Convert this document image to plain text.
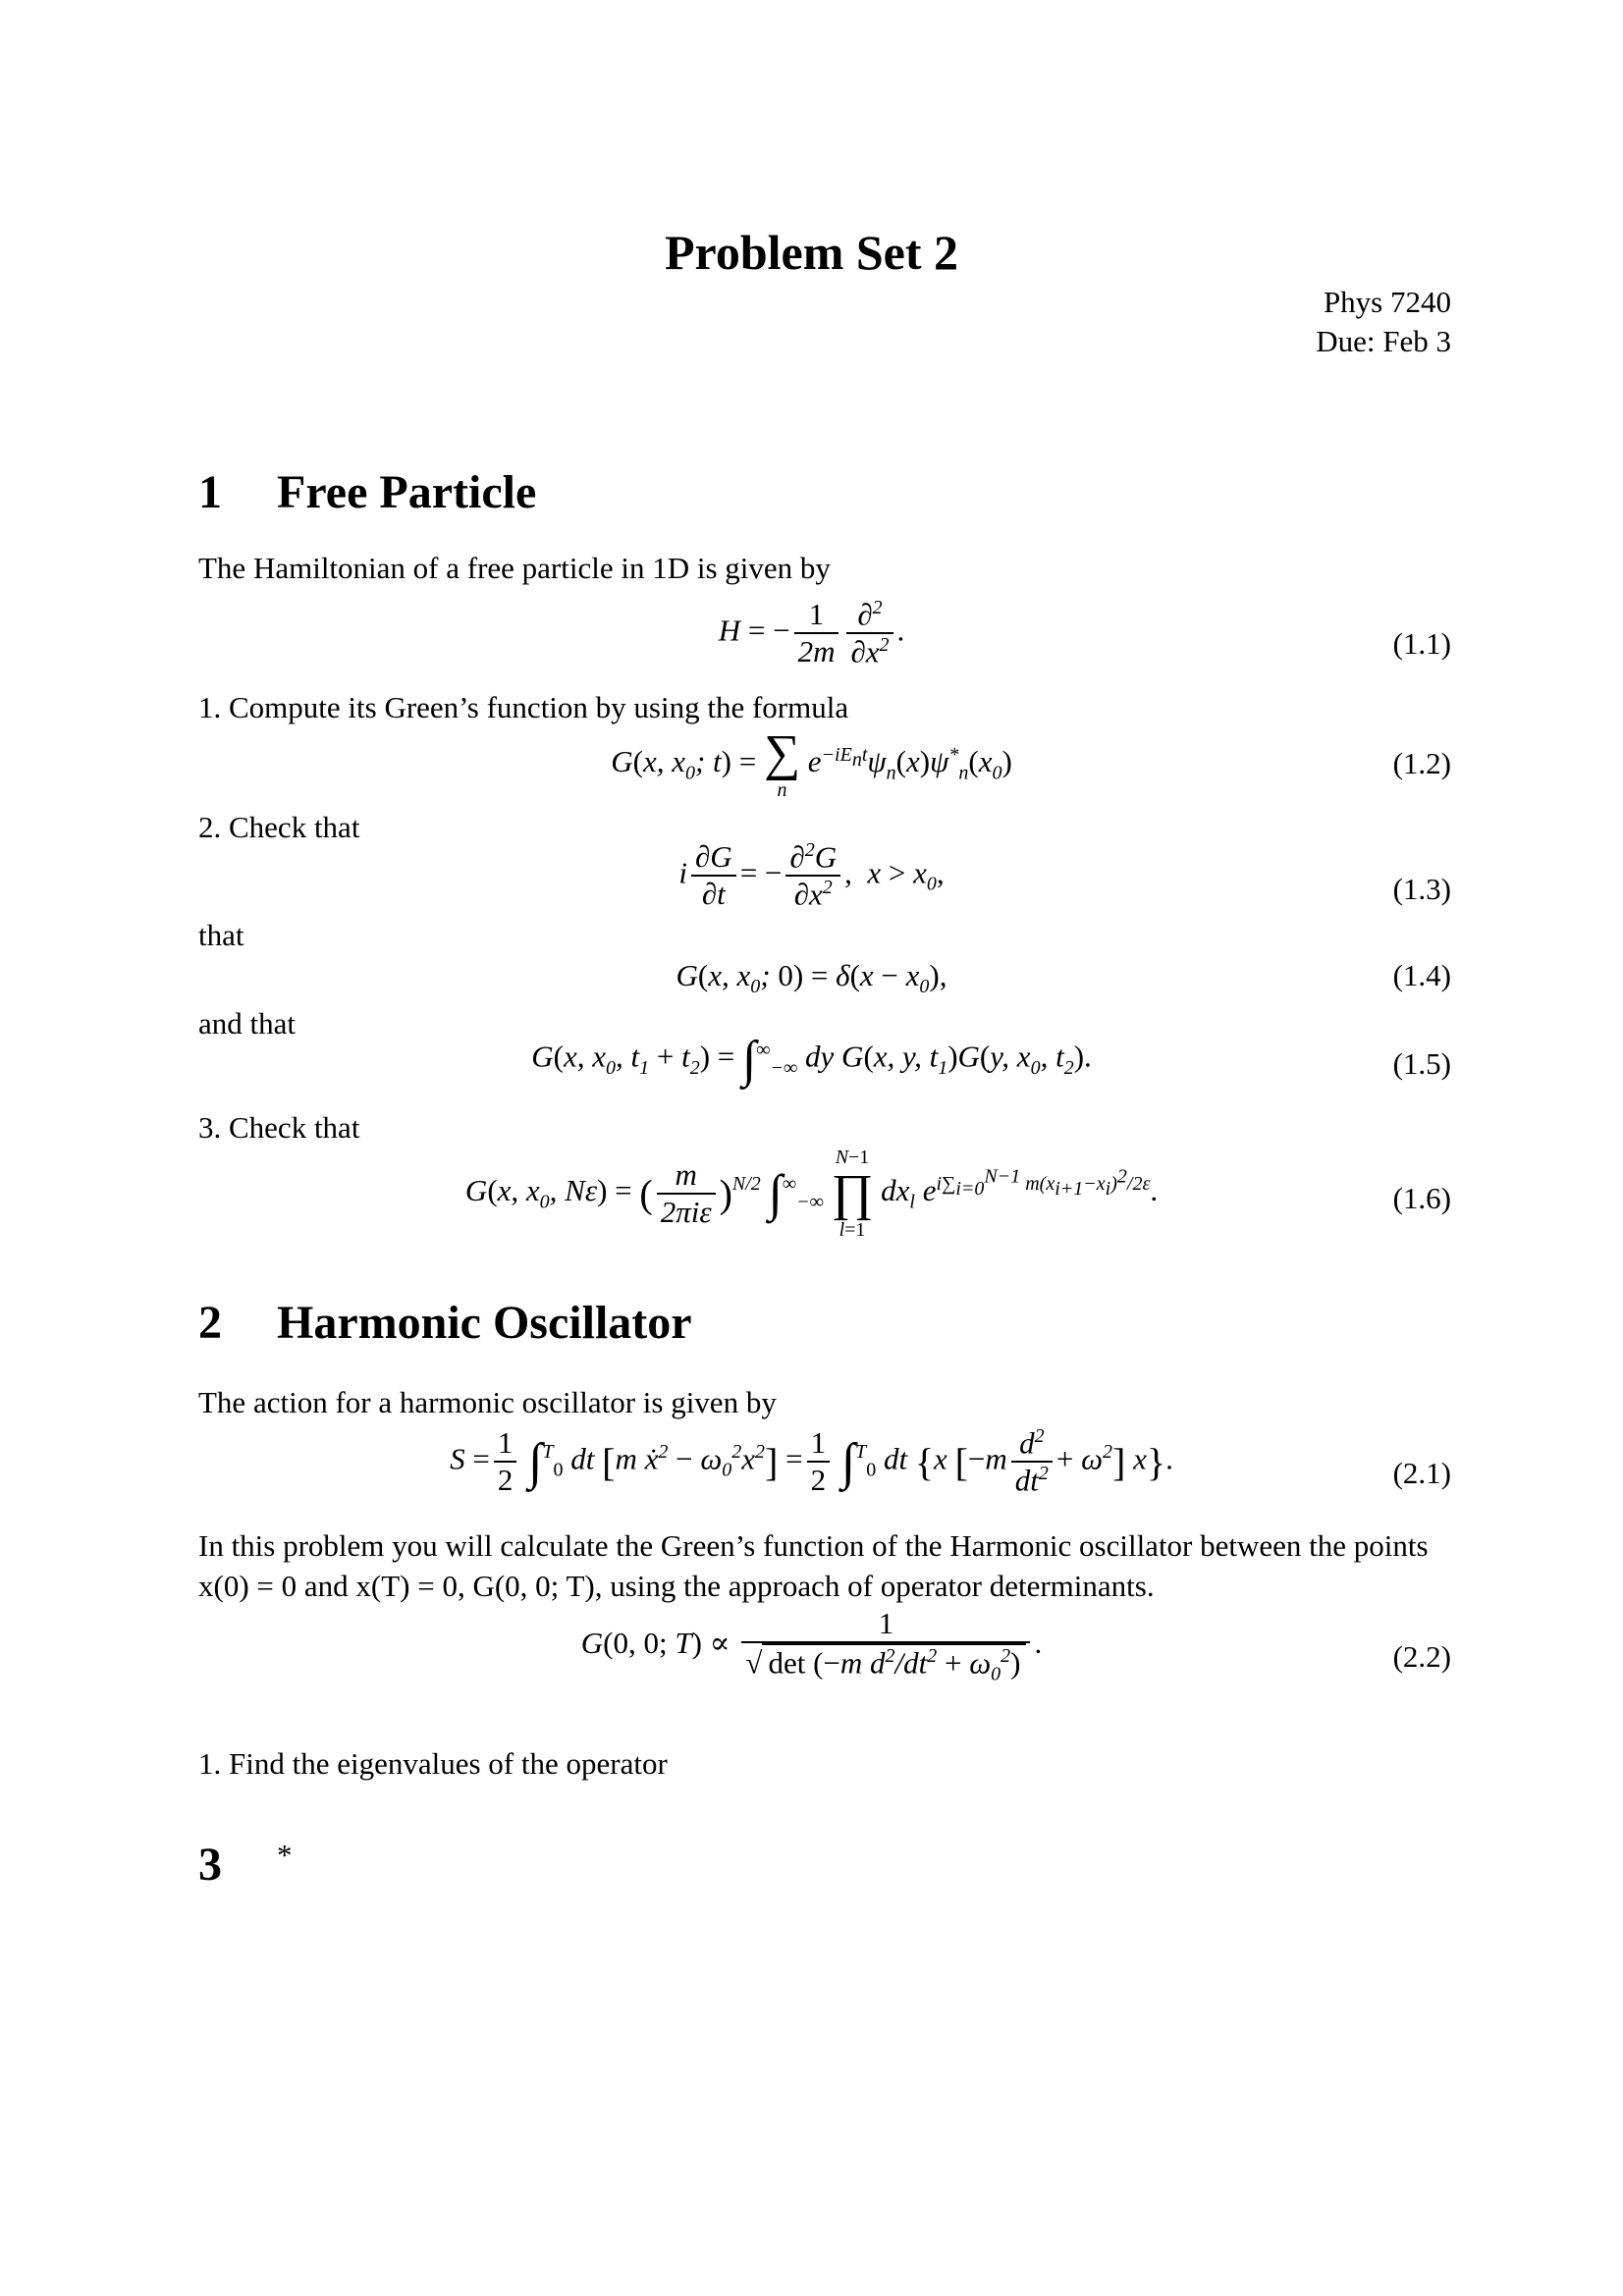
Problem Set 2
Phys 7240
Due: Feb 3
1 Free Particle
The Hamiltonian of a free particle in 1D is given by
H = − $\frac{1}{2m} \frac{\partial^2}{\partial x^2}$ .	(1.1)
1. Compute its Green’s function by using the formula
G(x, $x_0$; t) = ∑
n $e^{-iE_nt}\psi_n(x)\psi^*_n(x_0)$	(1.2)
2. Check that
i $\frac{\partial G}{\partial t}$ = − $\frac{\partial^2G}{\partial x^2}$ ,  $x > x_0$,	(1.3)
that
G(x, $x_0$; $0) = \delta(x - x_0)$,	(1.4)
and that
G(x, $x_0$, $t_1 + t_2) = \int^\infty_{-\infty}$ dy G(x, y, $t_1)G(y$, $x_0$, $t_2$).	(1.5)
3. Check that
G(x, $x_0$, Nε) = ( $\frac{m}{\text{2πiε}} )^{N/2}$ $\int^\infty_{-\infty}$ N−1
∏
l=1 $dx_l$ $e^{i\sum_{i=0}^{N-1} m(x_{i+1}-x_i)^2/2\varepsilon}$.	(1.6)
2 Harmonic Oscillator
The action for a harmonic oscillator is given by
$S = \frac{1}{2} \int^T_0$ dt [m ẋ$^2$ − $\omega_0^2x^2] = \frac{1}{2} \int^T_0$ dt {x $[-m \frac{d^2}{dt^2} + \omega^2]$ x}.	(2.1)
In this problem you will calculate the Green’s function of the Harmonic oscillator between the points x(0) = 0 and x(T) = 0, G(0, 0; T), using the approach of operator determinants.
G(0, 0; $T) \propto \frac{1}{√ \det (-m d^2/dt^2 + \omega_0^2)}$ .	(2.2)
1. Find the eigenvalues of the operator
3 *
